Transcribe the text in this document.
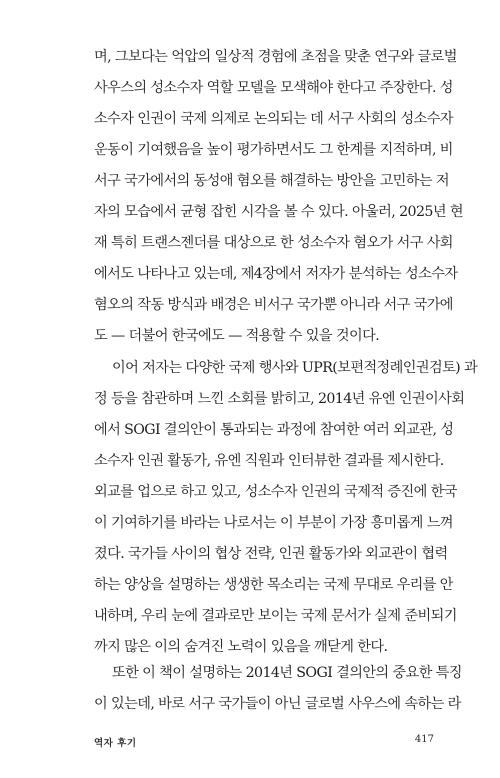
며, 그보다는 억압의 일상적 경험에 초점을 맞춘 연구와 글로벌
사우스의 성소수자 역할 모델을 모색해야 한다고 주장한다. 성
소수자 인권이 국제 의제로 논의되는 데 서구 사회의 성소수자
운동이 기여했음을 높이 평가하면서도 그 한계를 지적하며, 비
서구 국가에서의 동성애 혐오를 해결하는 방안을 고민하는 저
자의 모습에서 균형 잡힌 시각을 볼 수 있다. 아울러, 2025년 현
재 특히 트랜스젠더를 대상으로 한 성소수자 혐오가 서구 사회
에서도 나타나고 있는데, 제4장에서 저자가 분석하는 성소수자
혐오의 작동 방식과 배경은 비서구 국가뿐 아니라 서구 국가에
도 — 더불어 한국에도 — 적용할 수 있을 것이다.
이어 저자는 다양한 국제 행사와 UPR(보편적정례인권검토) 과
정 등을 참관하며 느낀 소회를 밝히고, 2014년 유엔 인권이사회
에서 SOGI 결의안이 통과되는 과정에 참여한 여러 외교관, 성
소수자 인권 활동가, 유엔 직원과 인터뷰한 결과를 제시한다.
외교를 업으로 하고 있고, 성소수자 인권의 국제적 증진에 한국
이 기여하기를 바라는 나로서는 이 부분이 가장 흥미롭게 느껴
졌다. 국가들 사이의 협상 전략, 인권 활동가와 외교관이 협력
하는 양상을 설명하는 생생한 목소리는 국제 무대로 우리를 안
내하며, 우리 눈에 결과로만 보이는 국제 문서가 실제 준비되기
까지 많은 이의 숨겨진 노력이 있음을 깨닫게 한다.
역자 후기	417
또한 이 책이 설명하는 2014년 SOGI 결의안의 중요한 특징
이 있는데, 바로 서구 국가들이 아닌 글로벌 사우스에 속하는 라
